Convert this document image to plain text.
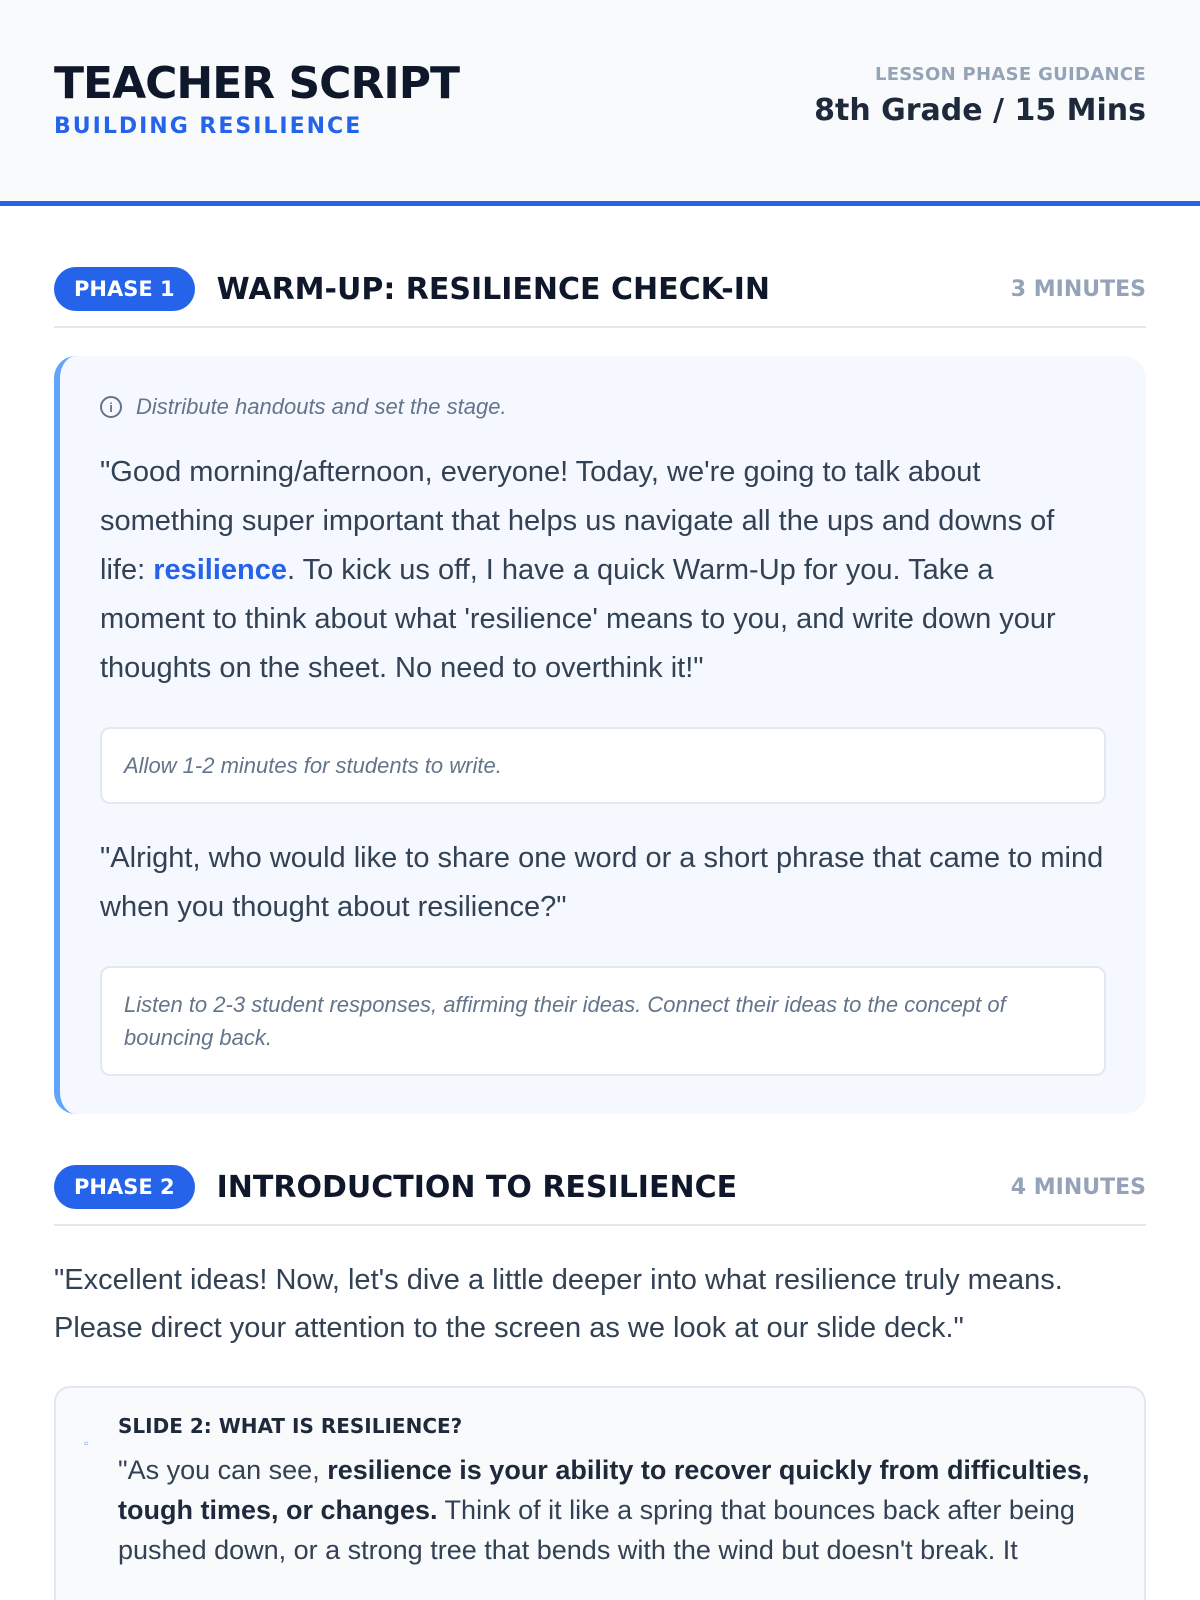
TEACHER SCRIPT
BUILDING RESILIENCE
LESSON PHASE GUIDANCE
8th Grade / 15 Mins
PHASE 1	WARM-UP: RESILIENCE CHECK-IN	3 MINUTES
i	Distribute handouts and set the stage.
"Good morning/afternoon, everyone! Today, we're going to talk about something super important that helps us navigate all the ups and downs of life: resilience. To kick us off, I have a quick Warm-Up for you. Take a moment to think about what 'resilience' means to you, and write down your thoughts on the sheet. No need to overthink it!"
Allow 1-2 minutes for students to write.
"Alright, who would like to share one word or a short phrase that came to mind when you thought about resilience?"
Listen to 2-3 student responses, affirming their ideas. Connect their ideas to the concept of bouncing back.
PHASE 2	INTRODUCTION TO RESILIENCE	4 MINUTES
"Excellent ideas! Now, let's dive a little deeper into what resilience truly means. Please direct your attention to the screen as we look at our slide deck."
▫
SLIDE 2: WHAT IS RESILIENCE?
"As you can see, resilience is your ability to recover quickly from difficulties, tough times, or changes. Think of it like a spring that bounces back after being pushed down, or a strong tree that bends with the wind but doesn't break. It
